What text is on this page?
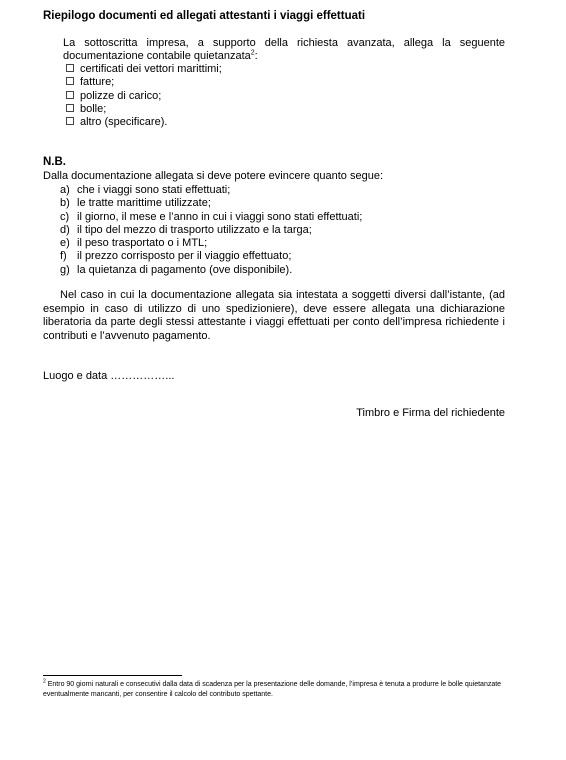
Riepilogo documenti ed allegati attestanti i viaggi effettuati
La sottoscritta impresa, a supporto della richiesta avanzata, allega la seguente documentazione contabile quietanzata$^2$:
certificati dei vettori marittimi;
fatture;
polizze di carico;
bolle;
altro (specificare).
N.B.
Dalla documentazione allegata si deve potere evincere quanto segue:
a) che i viaggi sono stati effettuati;
b) le tratte marittime utilizzate;
c) il giorno, il mese e l’anno in cui i viaggi sono stati effettuati;
d) il tipo del mezzo di trasporto utilizzato e la targa;
e) il peso trasportato o i MTL;
f) il prezzo corrisposto per il viaggio effettuato;
g) la quietanza di pagamento (ove disponibile).
Nel caso in cui la documentazione allegata sia intestata a soggetti diversi dall’istante, (ad esempio in caso di utilizzo di uno spedizioniere), deve essere allegata una dichiarazione liberatoria da parte degli stessi attestante i viaggi effettuati per conto dell’impresa richiedente i contributi e l’avvenuto pagamento.
Luogo e data ……………...
Timbro e Firma del richiedente
$^2$ Entro 90 giorni naturali e consecutivi dalla data di scadenza per la presentazione delle domande, l’impresa è tenuta a produrre le bolle quietanzate eventualmente mancanti, per consentire il calcolo del contributo spettante.
